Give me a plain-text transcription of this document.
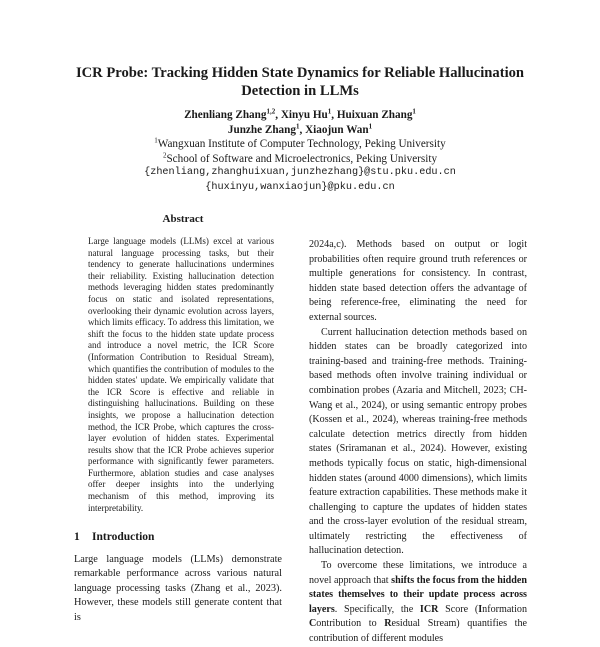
ICR Probe: Tracking Hidden State Dynamics for Reliable Hallucination Detection in LLMs
Zhenliang Zhang$^{1,2}$, Xinyu Hu$^1$, Huixuan Zhang$^1$
Junzhe Zhang$^1$, Xiaojun Wan$^1$
$^1$Wangxuan Institute of Computer Technology, Peking University
$^2$School of Software and Microelectronics, Peking University
{zhenliang,zhanghuixuan,junzhezhang}@stu.pku.edu.cn
{huxinyu,wanxiaojun}@pku.edu.cn
Abstract
Large language models (LLMs) excel at various natural language processing tasks, but their tendency to generate hallucinations undermines their reliability. Existing hallucination detection methods leveraging hidden states predominantly focus on static and isolated representations, overlooking their dynamic evolution across layers, which limits efficacy. To address this limitation, we shift the focus to the hidden state update process and introduce a novel metric, the ICR Score (Information Contribution to Residual Stream), which quantifies the contribution of modules to the hidden states' update. We empirically validate that the ICR Score is effective and reliable in distinguishing hallucinations. Building on these insights, we propose a hallucination detection method, the ICR Probe, which captures the cross-layer evolution of hidden states. Experimental results show that the ICR Probe achieves superior performance with significantly fewer parameters. Furthermore, ablation studies and case analyses offer deeper insights into the underlying mechanism of this method, improving its interpretability.
1 Introduction
Large language models (LLMs) demonstrate remarkable performance across various natural language processing tasks (Zhang et al., 2023). However, these models still generate content that is

2024a,c). Methods based on output or logit probabilities often require ground truth references or multiple generations for consistency. In contrast, hidden state based detection offers the advantage of being reference-free, eliminating the need for external sources.

Current hallucination detection methods based on hidden states can be broadly categorized into training-based and training-free methods. Training-based methods often involve training individual or combination probes (Azaria and Mitchell, 2023; CH-Wang et al., 2024), or using semantic entropy probes (Kossen et al., 2024), whereas training-free methods calculate detection metrics directly from hidden states (Sriramanan et al., 2024). However, existing methods typically focus on static, high-dimensional hidden states (around 4000 dimensions), which limits feature extraction capabilities. These methods make it challenging to capture the updates of hidden states and the cross-layer evolution of the residual stream, ultimately restricting the effectiveness of hallucination detection.

To overcome these limitations, we introduce a novel approach that shifts the focus from the hidden states themselves to their update process across layers. Specifically, the ICR Score (Information Contribution to Residual Stream) quantifies the contribution of different modules
